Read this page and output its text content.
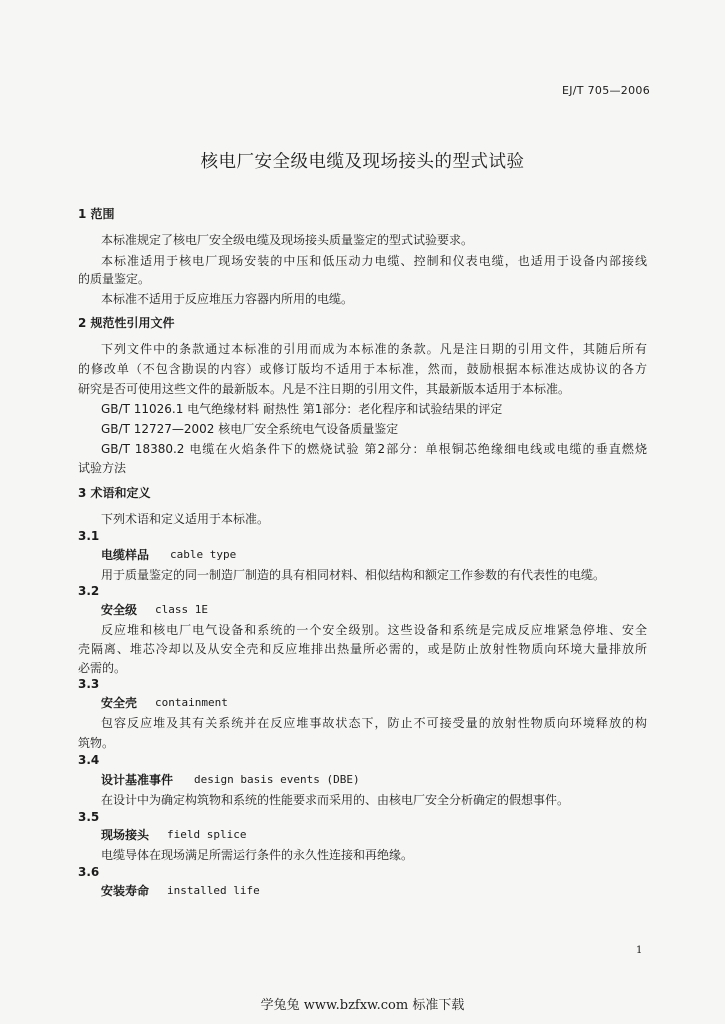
EJ/T 705—2006
核电厂安全级电缆及现场接头的型式试验
1 范围
本标准规定了核电厂安全级电缆及现场接头质量鉴定的型式试验要求。
本标准适用于核电厂现场安装的中压和低压动力电缆、控制和仪表电缆，也适用于设备内部接线
的质量鉴定。
本标准不适用于反应堆压力容器内所用的电缆。
2 规范性引用文件
下列文件中的条款通过本标准的引用而成为本标准的条款。凡是注日期的引用文件，其随后所有
的修改单（不包含勘误的内容）或修订版均不适用于本标准，然而，鼓励根据本标准达成协议的各方
研究是否可使用这些文件的最新版本。凡是不注日期的引用文件，其最新版本适用于本标准。
GB/T 11026.1 电气绝缘材料 耐热性 第1部分：老化程序和试验结果的评定
GB/T 12727—2002 核电厂安全系统电气设备质量鉴定
GB/T 18380.2 电缆在火焰条件下的燃烧试验 第2部分：单根铜芯绝缘细电线或电缆的垂直燃烧
试验方法
3 术语和定义
下列术语和定义适用于本标准。
3.1
电缆样品 cable type
用于质量鉴定的同一制造厂制造的具有相同材料、相似结构和额定工作参数的有代表性的电缆。
3.2
安全级 class 1E
反应堆和核电厂电气设备和系统的一个安全级别。这些设备和系统是完成反应堆紧急停堆、安全
壳隔离、堆芯冷却以及从安全壳和反应堆排出热量所必需的，或是防止放射性物质向环境大量排放所
必需的。
3.3
安全壳 containment
包容反应堆及其有关系统并在反应堆事故状态下，防止不可接受量的放射性物质向环境释放的构
筑物。
3.4
设计基准事件 design basis events (DBE)
在设计中为确定构筑物和系统的性能要求而采用的、由核电厂安全分析确定的假想事件。
3.5
现场接头 field splice
电缆导体在现场满足所需运行条件的永久性连接和再绝缘。
3.6
安装寿命 installed life
1
学兔兔 www.bzfxw.com 标准下载
